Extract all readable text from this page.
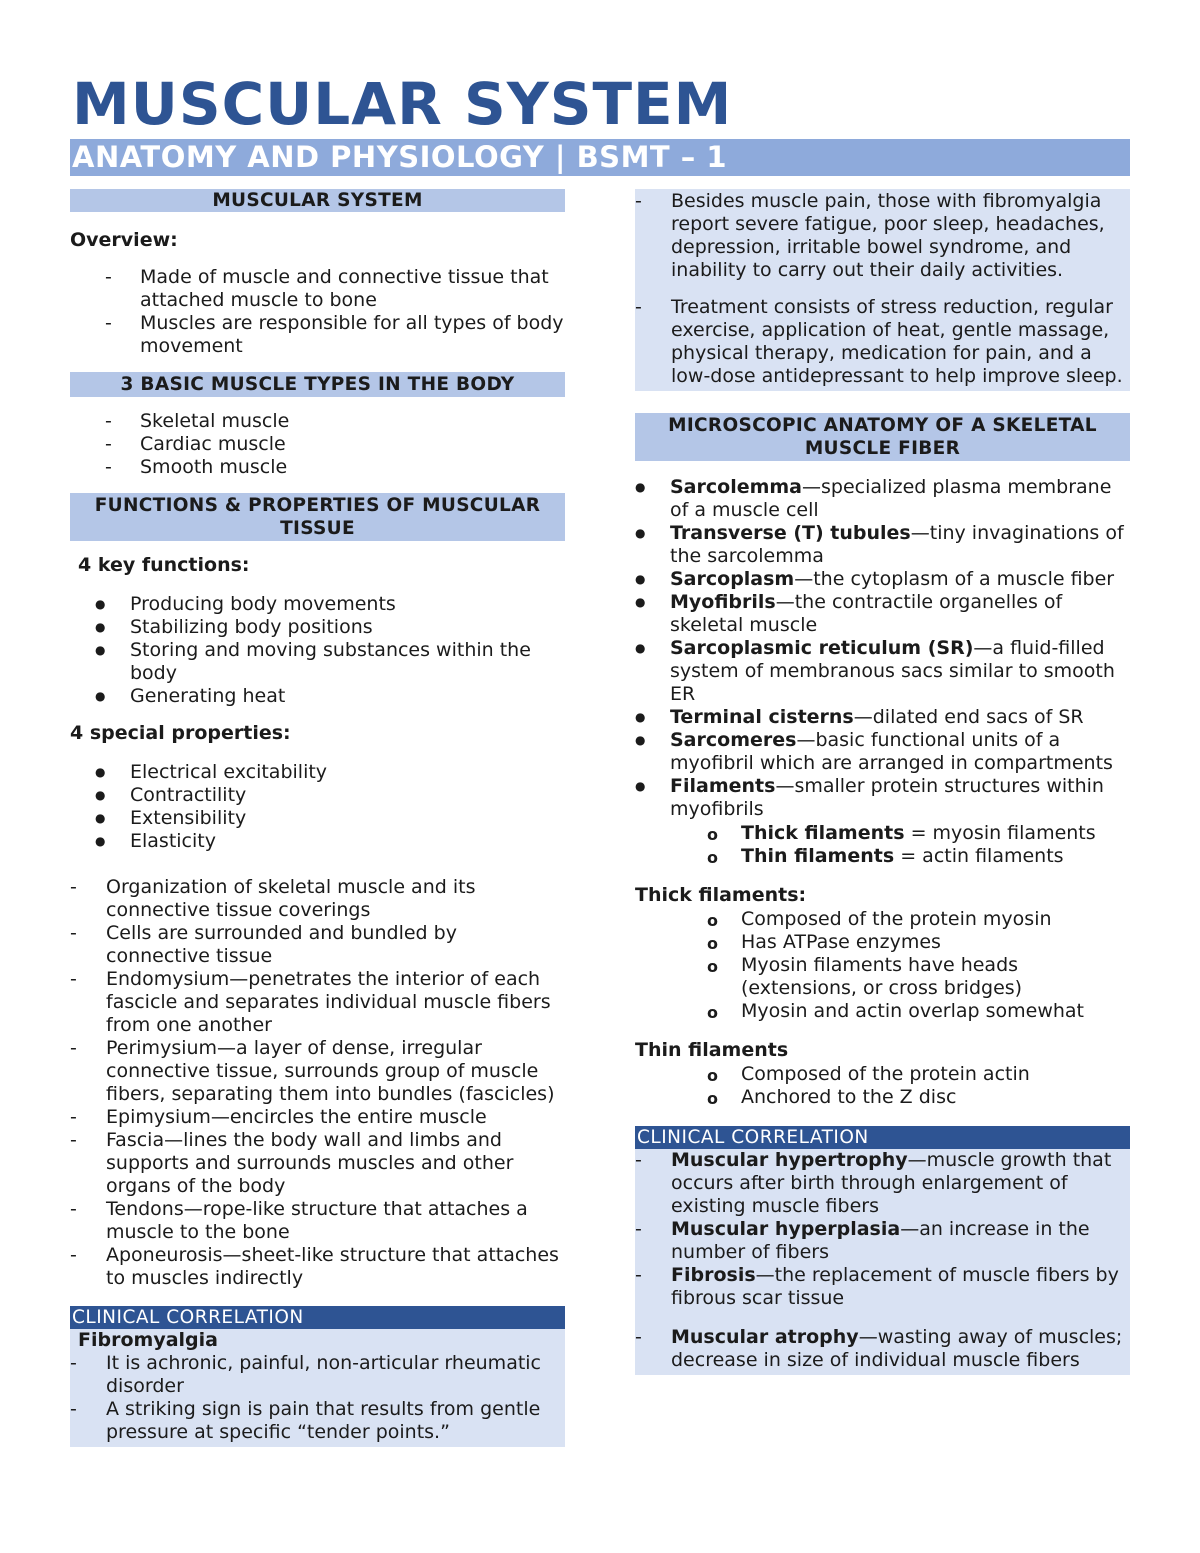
MUSCULAR SYSTEM
ANATOMY AND PHYSIOLOGY | BSMT – 1
MUSCULAR SYSTEM

Overview:

- Made of muscle and connective tissue that attached muscle to bone
- Muscles are responsible for all types of body movement
3 BASIC MUSCLE TYPES IN THE BODY
- Skeletal muscle
- Cardiac muscle
- Smooth muscle
FUNCTIONS & PROPERTIES OF MUSCULAR TISSUE

4 key functions:

● Producing body movements
● Stabilizing body positions
● Storing and moving substances within the body
● Generating heat

4 special properties:

● Electrical excitability
● Contractility
● Extensibility
● Elasticity
- Organization of skeletal muscle and its connective tissue coverings
- Cells are surrounded and bundled by connective tissue
- Endomysium—penetrates the interior of each fascicle and separates individual muscle fibers from one another
- Perimysium—a layer of dense, irregular connective tissue, surrounds group of muscle fibers, separating them into bundles (fascicles)
- Epimysium—encircles the entire muscle
- Fascia—lines the body wall and limbs and supports and surrounds muscles and other organs of the body
- Tendons—rope-like structure that attaches a muscle to the bone
- Aponeurosis—sheet-like structure that attaches to muscles indirectly
CLINICAL CORRELATION

Fibromyalgia

- It is achronic, painful, non-articular rheumatic disorder
- A striking sign is pain that results from gentle pressure at specific “tender points.”
- Besides muscle pain, those with fibromyalgia report severe fatigue, poor sleep, headaches, depression, irritable bowel syndrome, and inability to carry out their daily activities.
- Treatment consists of stress reduction, regular exercise, application of heat, gentle massage, physical therapy, medication for pain, and a low-dose antidepressant to help improve sleep.
MICROSCOPIC ANATOMY OF A SKELETAL MUSCLE FIBER
● Sarcolemma—specialized plasma membrane of a muscle cell
● Transverse (T) tubules—tiny invaginations of the sarcolemma
● Sarcoplasm—the cytoplasm of a muscle fiber
● Myofibrils—the contractile organelles of skeletal muscle
● Sarcoplasmic reticulum (SR)—a fluid-filled system of membranous sacs similar to smooth ER
● Terminal cisterns—dilated end sacs of SR
● Sarcomeres—basic functional units of a myofibril which are arranged in compartments
● Filaments—smaller protein structures within myofibrils
o Thick filaments = myosin filaments
o Thin filaments = actin filaments

Thick filaments:

o Composed of the protein myosin
o Has ATPase enzymes
o Myosin filaments have heads (extensions, or cross bridges)
o Myosin and actin overlap somewhat

Thin filaments

o Composed of the protein actin
o Anchored to the Z disc
CLINICAL CORRELATION
- Muscular hypertrophy—muscle growth that occurs after birth through enlargement of existing muscle fibers
- Muscular hyperplasia—an increase in the number of fibers
- Fibrosis—the replacement of muscle fibers by fibrous scar tissue
- Muscular atrophy—wasting away of muscles; decrease in size of individual muscle fibers
